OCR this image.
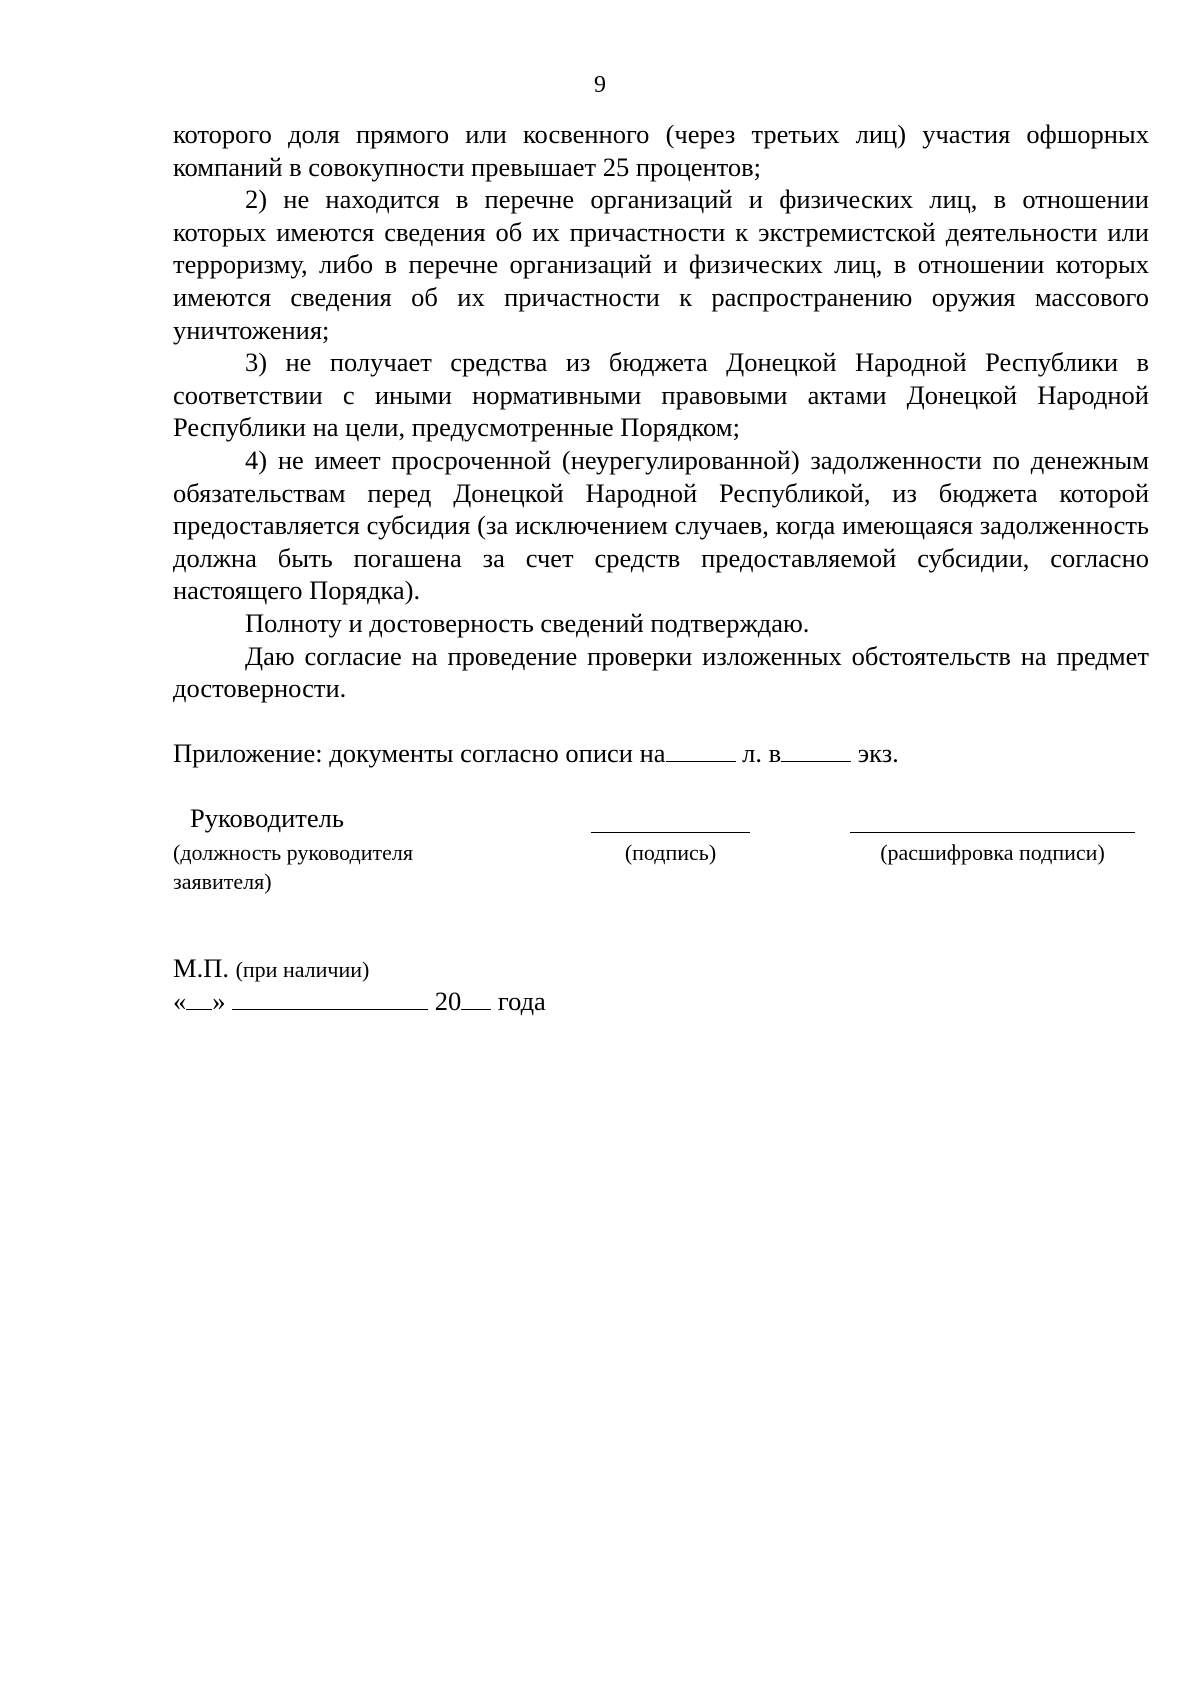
9

которого доля прямого или косвенного (через третьих лиц) участия офшорных компаний в совокупности превышает 25 процентов;

2) не находится в перечне организаций и физических лиц, в отношении которых имеются сведения об их причастности к экстремистской деятельности или терроризму, либо в перечне организаций и физических лиц, в отношении которых имеются сведения об их причастности к распространению оружия массового уничтожения;

3) не получает средства из бюджета Донецкой Народной Республики в соответствии с иными нормативными правовыми актами Донецкой Народной Республики на цели, предусмотренные Порядком;

4) не имеет просроченной (неурегулированной) задолженности по денежным обязательствам перед Донецкой Народной Республикой, из бюджета которой предоставляется субсидия (за исключением случаев, когда имеющаяся задолженность должна быть погашена за счет средств предоставляемой субсидии, согласно настоящего Порядка).

Полноту и достоверность сведений подтверждаю.

Даю согласие на проведение проверки изложенных обстоятельств на предмет достоверности.

Приложение: документы согласно описи на	л. в	экз.
Руководитель
(должность руководителя заявителя)
(подпись)	(расшифровка подписи)
М.П. (при наличии)
« »	20 года
